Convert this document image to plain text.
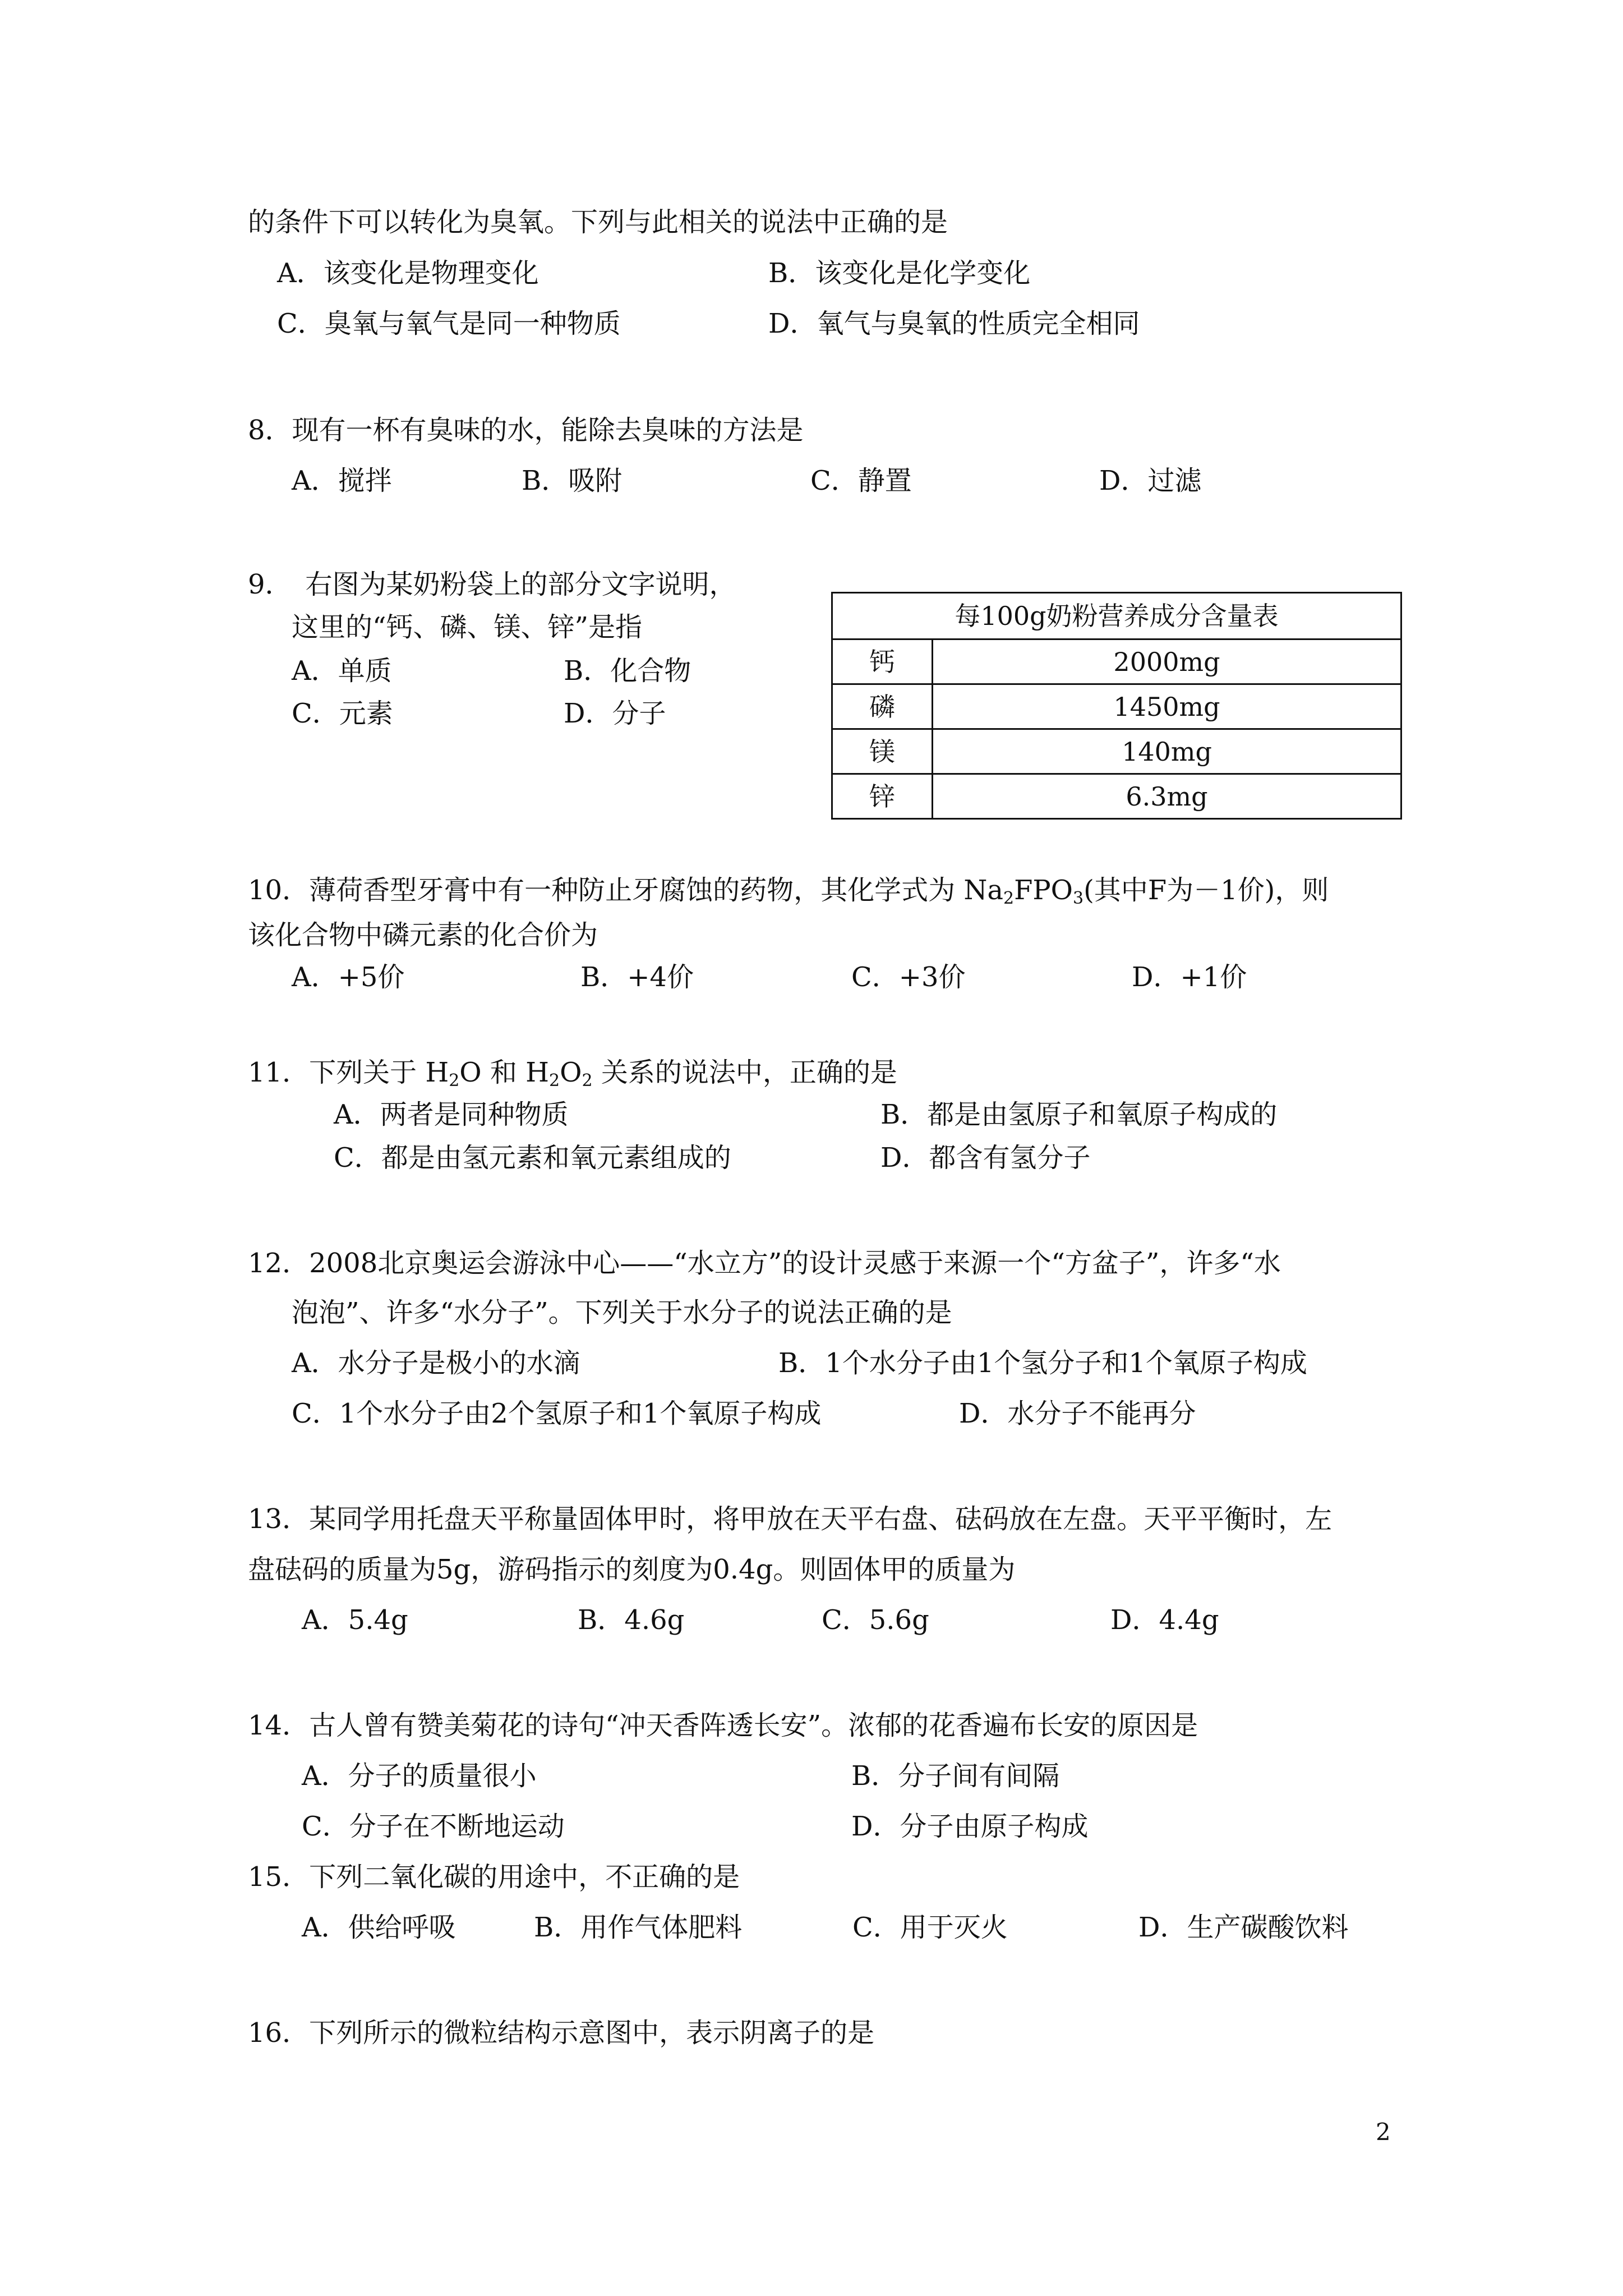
的条件下可以转化为臭氧。下列与此相关的说法中正确的是
A．该变化是物理变化	B．该变化是化学变化
C．臭氧与氧气是同一种物质	D．氧气与臭氧的性质完全相同
8．现有一杯有臭味的水，能除去臭味的方法是
A．搅拌	B．吸附	C．静置	D．过滤
9．　右图为某奶粉袋上的部分文字说明，
这里的“钙、磷、镁、锌”是指
A．单质	B．化合物
C．元素	D．分子
每100g奶粉营养成分含量表	
钙	2000mg
磷	1450mg
镁	140mg
锌	6.3mg
10．薄荷香型牙膏中有一种防止牙腐蚀的药物，其化学式为 $Na_2FPO_3$(其中F为－1价)，则
该化合物中磷元素的化合价为
A．+5价	B．+4价	C．+3价	D．+1价
11．下列关于 $H_2O$ 和 $H_2O_2$ 关系的说法中，正确的是
A．两者是同种物质	B．都是由氢原子和氧原子构成的
C．都是由氢元素和氧元素组成的	D．都含有氢分子
12．2008北京奥运会游泳中心——“水立方”的设计灵感于来源一个“方盆子”，许多“水
泡泡”、许多“水分子”。下列关于水分子的说法正确的是
A．水分子是极小的水滴	B．1个水分子由1个氢分子和1个氧原子构成
C．1个水分子由2个氢原子和1个氧原子构成	D．水分子不能再分
13．某同学用托盘天平称量固体甲时，将甲放在天平右盘、砝码放在左盘。天平平衡时，左
盘砝码的质量为5g，游码指示的刻度为0.4g。则固体甲的质量为
A．5.4g	B．4.6g	C．5.6g	D．4.4g
14．古人曾有赞美菊花的诗句“冲天香阵透长安”。浓郁的花香遍布长安的原因是
A．分子的质量很小	B．分子间有间隔
C．分子在不断地运动	D．分子由原子构成
15．下列二氧化碳的用途中，不正确的是
A．供给呼吸	B．用作气体肥料	C．用于灭火	D．生产碳酸饮料
16．下列所示的微粒结构示意图中，表示阴离子的是
2
